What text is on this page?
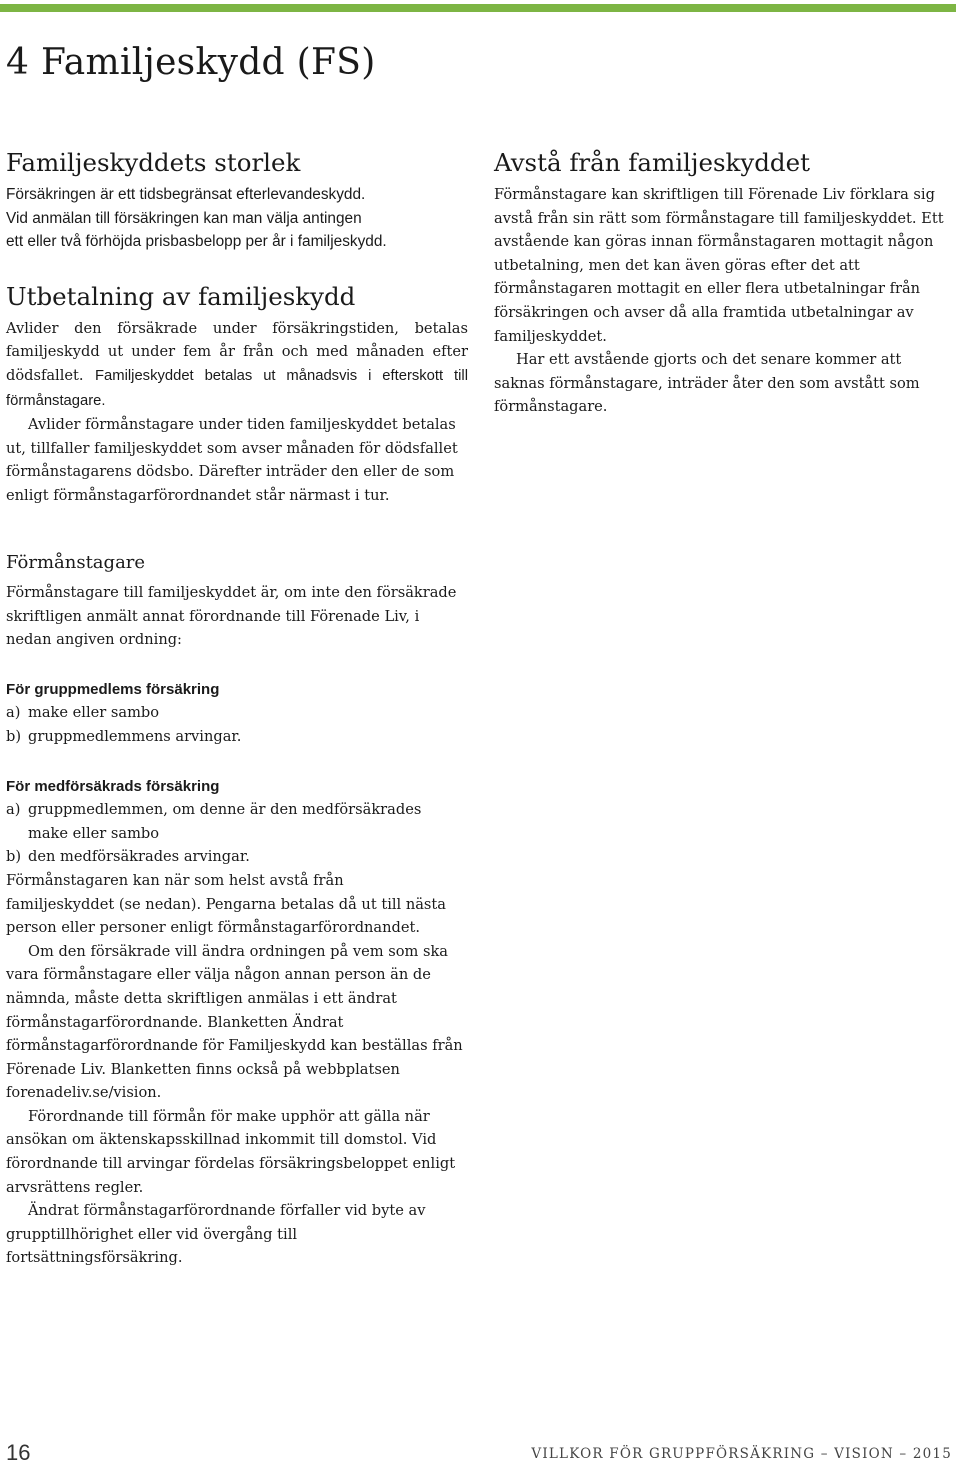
4 Familjeskydd (FS)
Familjeskyddets storlek

Försäkringen är ett tidsbegränsat efterlevandeskydd.

Vid anmälan till försäkringen kan man välja antingen

ett eller två förhöjda prisbasbelopp per år i familjeskydd.

Utbetalning av familjeskydd

Avlider den försäkrade under försäkringstiden, betalas familjeskydd ut under fem år från och med månaden efter dödsfallet. Familjeskyddet betalas ut månadsvis i efterskott till förmånstagare.

Avlider förmånstagare under tiden familjeskyddet betalas ut, tillfaller familjeskyddet som avser månaden för dödsfallet förmånstagarens dödsbo. Därefter inträder den eller de som enligt förmånstagarförordnandet står närmast i tur.

Förmånstagare

Förmånstagare till familjeskyddet är, om inte den försäkrade skriftligen anmält annat förordnande till Förenade Liv, i nedan angiven ordning:

För gruppmedlems försäkring

a) make eller sambo
b) gruppmedlemmens arvingar.

För medförsäkrads försäkring

a) gruppmedlemmen, om denne är den medförsäkrades make eller sambo
b) den medförsäkrades arvingar.

Förmånstagaren kan när som helst avstå från familjeskyddet (se nedan). Pengarna betalas då ut till nästa person eller personer enligt förmånstagarförordnandet.

Om den försäkrade vill ändra ordningen på vem som ska vara förmånstagare eller välja någon annan person än de nämnda, måste detta skriftligen anmälas i ett ändrat förmånstagarförordnande. Blanketten Ändrat förmånstagarförordnande för Familjeskydd kan beställas från Förenade Liv. Blanketten finns också på webbplatsen forenadeliv.se/vision.

Förordnande till förmån för make upphör att gälla när ansökan om äktenskapsskillnad inkommit till domstol. Vid förordnande till arvingar fördelas försäkringsbeloppet enligt arvsrättens regler.

Ändrat förmånstagarförordnande förfaller vid byte av grupptillhörighet eller vid övergång till fortsättningsförsäkring.

Avstå från familjeskyddet

Förmånstagare kan skriftligen till Förenade Liv förklara sig avstå från sin rätt som förmånstagare till familjeskyddet. Ett avstående kan göras innan förmånstagaren mottagit någon utbetalning, men det kan även göras efter det att förmånstagaren mottagit en eller flera utbetalningar från försäkringen och avser då alla framtida utbetalningar av familjeskyddet.

Har ett avstående gjorts och det senare kommer att saknas förmånstagare, inträder åter den som avstått som förmånstagare.

16	VILLKOR FÖR GRUPPFÖRSÄKRING – VISION – 2015
